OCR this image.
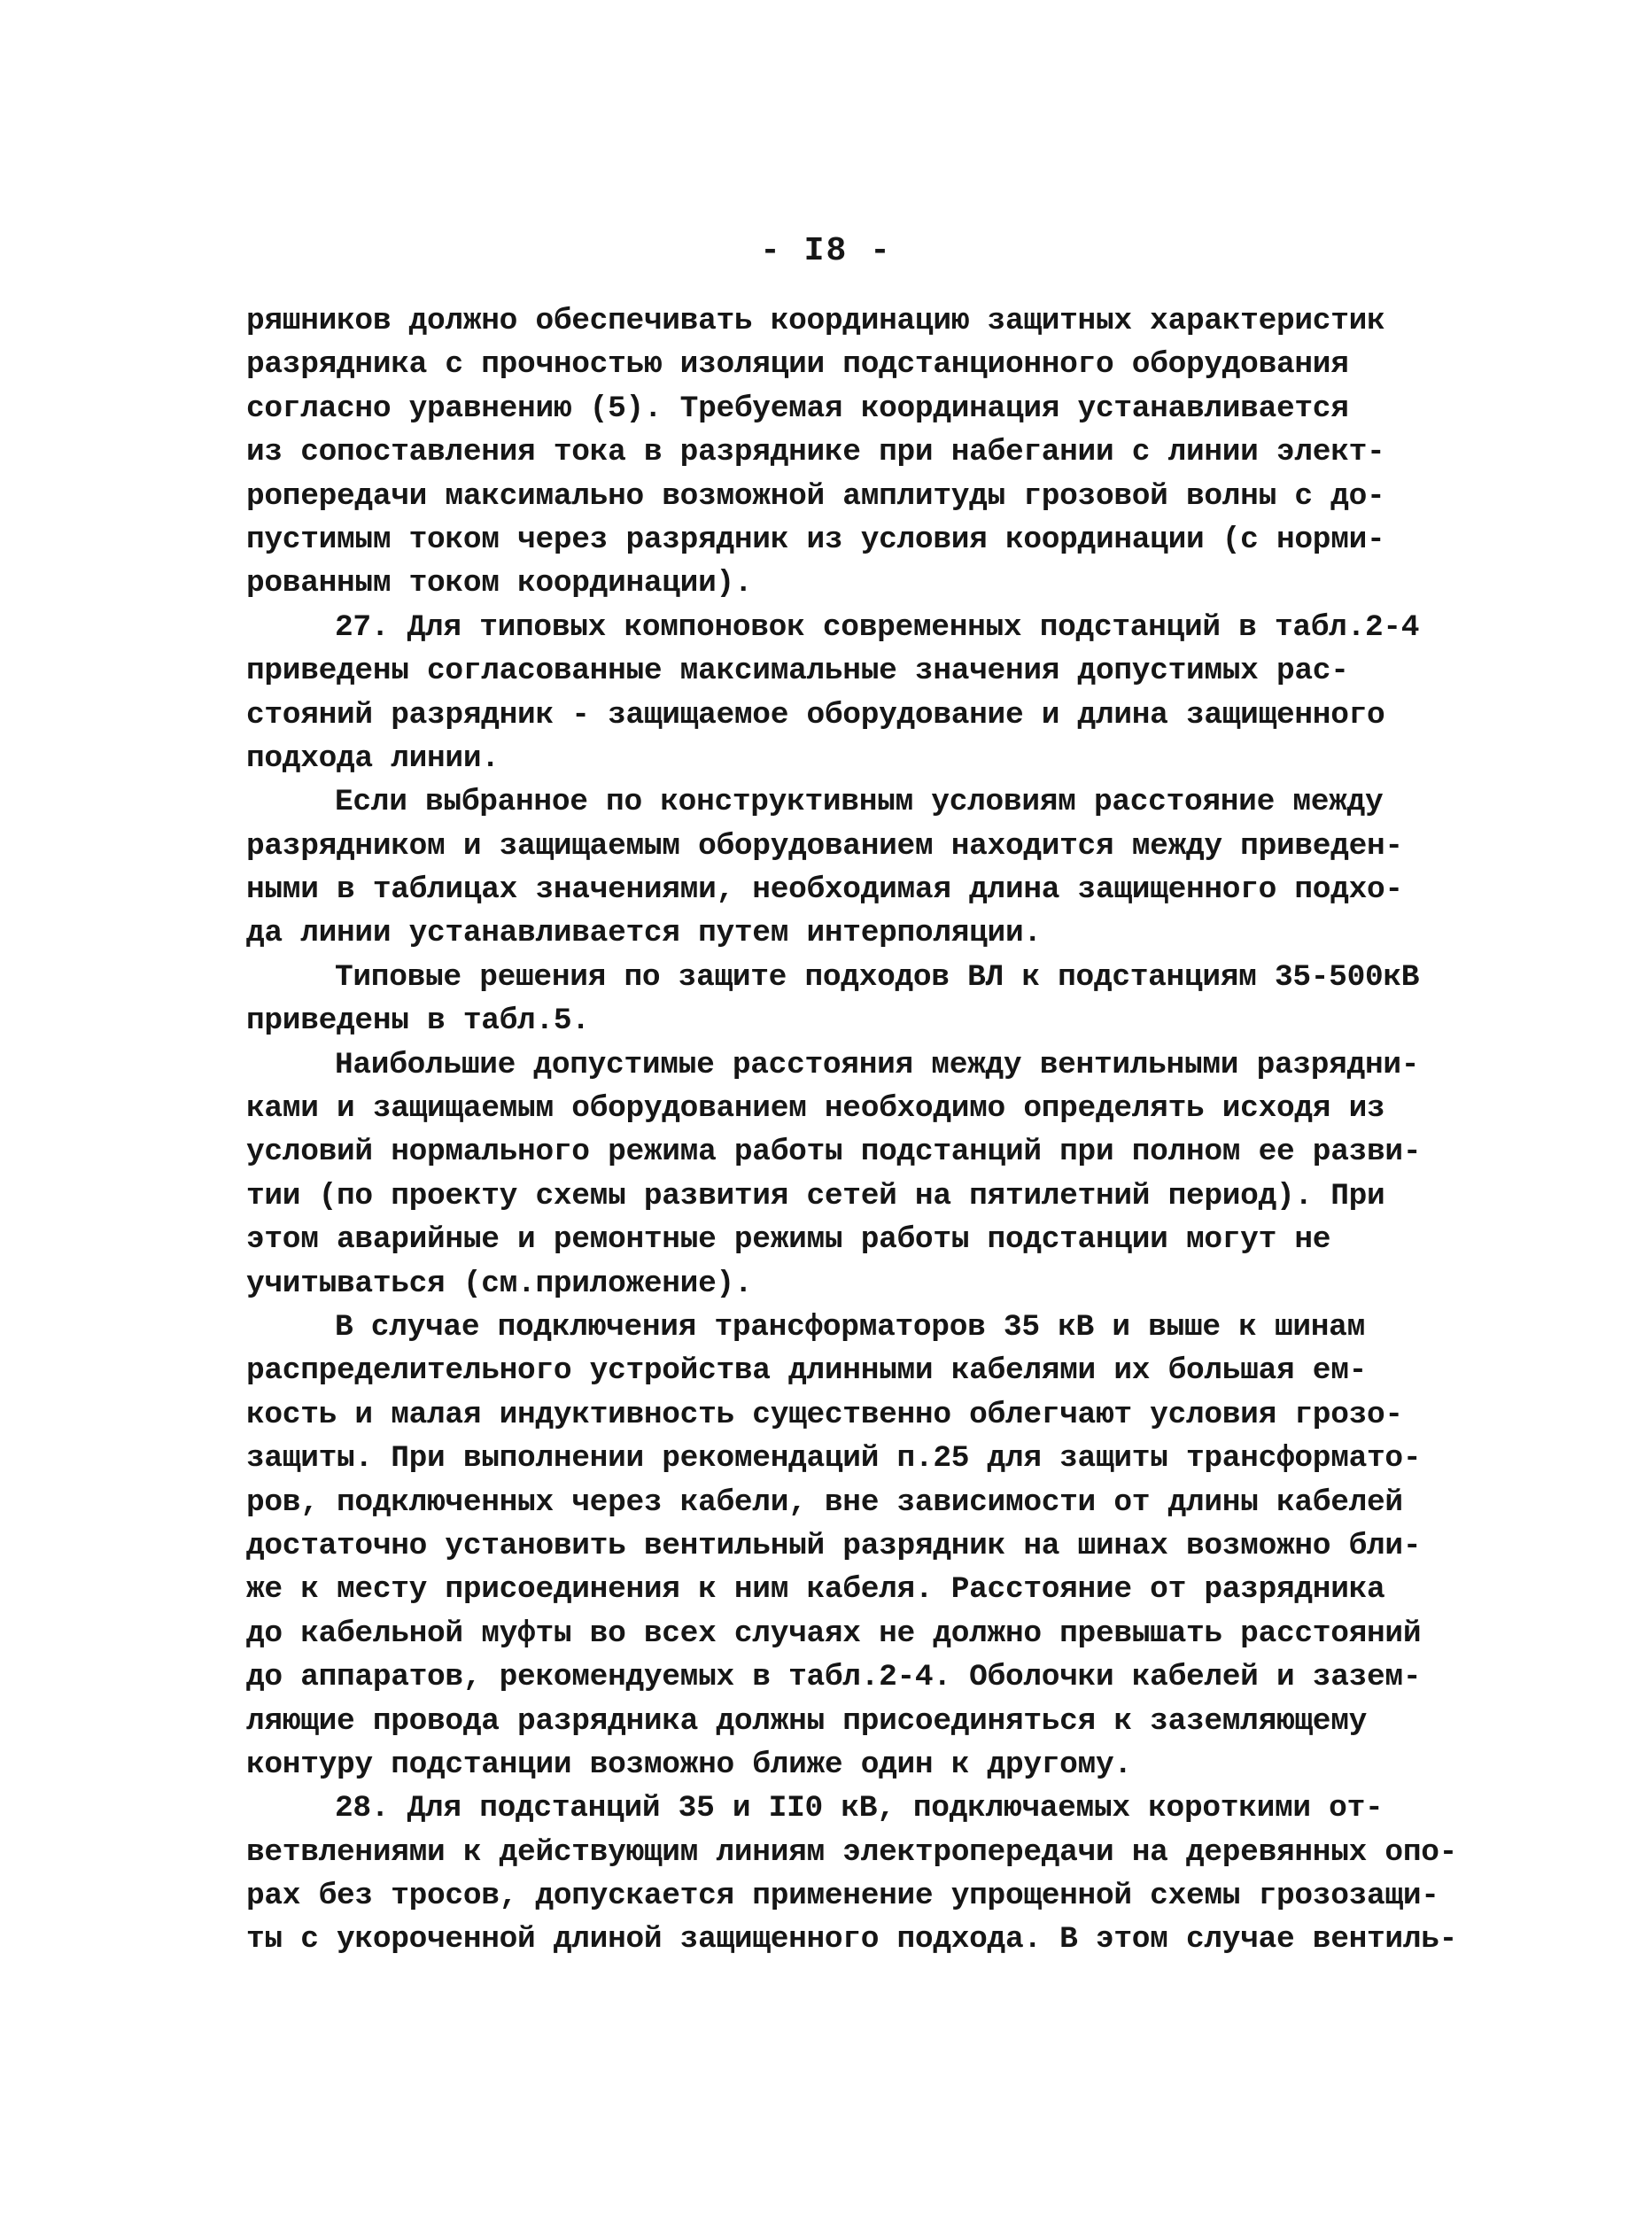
- I8 -
ряшников должно обеспечивать координацию защитных характеристик
разрядника с прочностью изоляции подстанционного оборудования
согласно уравнению (5). Требуемая координация устанавливается
из сопоставления тока в разряднике при набегании с линии элект-
ропередачи максимально возможной амплитуды грозовой волны с до-
пустимым током через разрядник из условия координации (с норми-
рованным током координации).
27. Для типовых компоновок современных подстанций в табл.2-4
приведены согласованные максимальные значения допустимых рас-
стояний разрядник - защищаемое оборудование и длина защищенного
подхода линии.
Если выбранное по конструктивным условиям расстояние между
разрядником и защищаемым оборудованием находится между приведен-
ными в таблицах значениями, необходимая длина защищенного подхо-
да линии устанавливается путем интерполяции.
Типовые решения по защите подходов ВЛ к подстанциям 35-500кВ
приведены в табл.5.
Наибольшие допустимые расстояния между вентильными разрядни-
ками и защищаемым оборудованием необходимо определять исходя из
условий нормального режима работы подстанций при полном ее разви-
тии (по проекту схемы развития сетей на пятилетний период). При
этом аварийные и ремонтные режимы работы подстанции могут не
учитываться (см.приложение).
В случае подключения трансформаторов 35 кВ и выше к шинам
распределительного устройства длинными кабелями их большая ем-
кость и малая индуктивность существенно облегчают условия грозо-
защиты. При выполнении рекомендаций п.25 для защиты трансформато-
ров, подключенных через кабели, вне зависимости от длины кабелей
достаточно установить вентильный разрядник на шинах возможно бли-
же к месту присоединения к ним кабеля. Расстояние от разрядника
до кабельной муфты во всех случаях не должно превышать расстояний
до аппаратов, рекомендуемых в табл.2-4. Оболочки кабелей и зазем-
ляющие провода разрядника должны присоединяться к заземляющему
контуру подстанции возможно ближе один к другому.
28. Для подстанций 35 и II0 кВ, подключаемых короткими от-
ветвлениями к действующим линиям электропередачи на деревянных опо-
рах без тросов, допускается применение упрощенной схемы грозозащи-
ты с укороченной длиной защищенного подхода. В этом случае вентиль-
